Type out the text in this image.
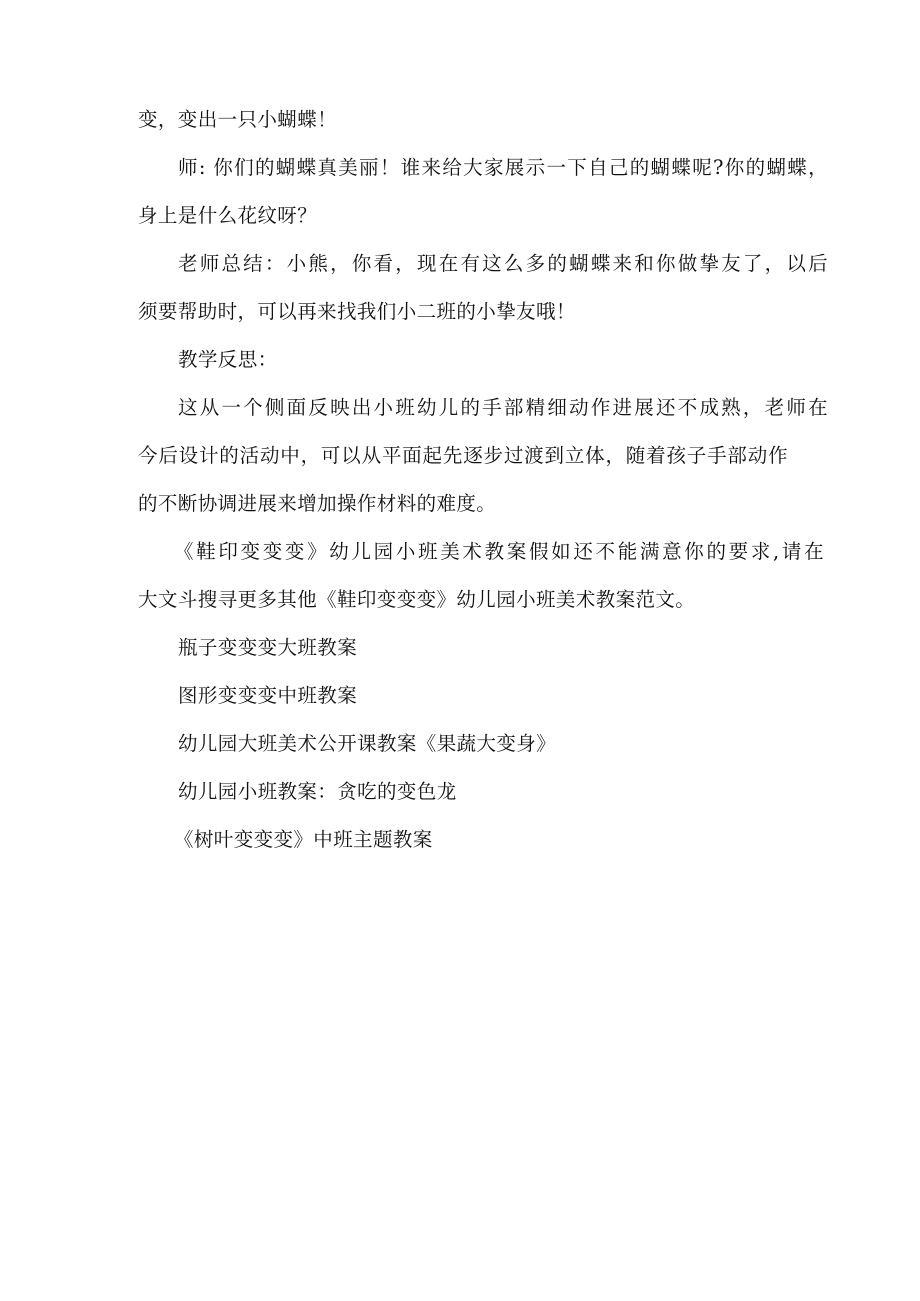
变，变出一只小蝴蝶！
师: 你们的蝴蝶真美丽！谁来给大家展示一下自己的蝴蝶呢?你的蝴蝶，
身上是什么花纹呀？
老师总结：小熊，你看，现在有这么多的蝴蝶来和你做挚友了，以后
须要帮助时，可以再来找我们小二班的小挚友哦！
教学反思：
这从一个侧面反映出小班幼儿的手部精细动作进展还不成熟，老师在
今后设计的活动中，可以从平面起先逐步过渡到立体，随着孩子手部动作
的不断协调进展来增加操作材料的难度。
《鞋印变变变》幼儿园小班美术教案假如还不能满意你的要求,请在
大文斗搜寻更多其他《鞋印变变变》幼儿园小班美术教案范文。
瓶子变变变大班教案
图形变变变中班教案
幼儿园大班美术公开课教案《果蔬大变身》
幼儿园小班教案：贪吃的变色龙
《树叶变变变》中班主题教案
